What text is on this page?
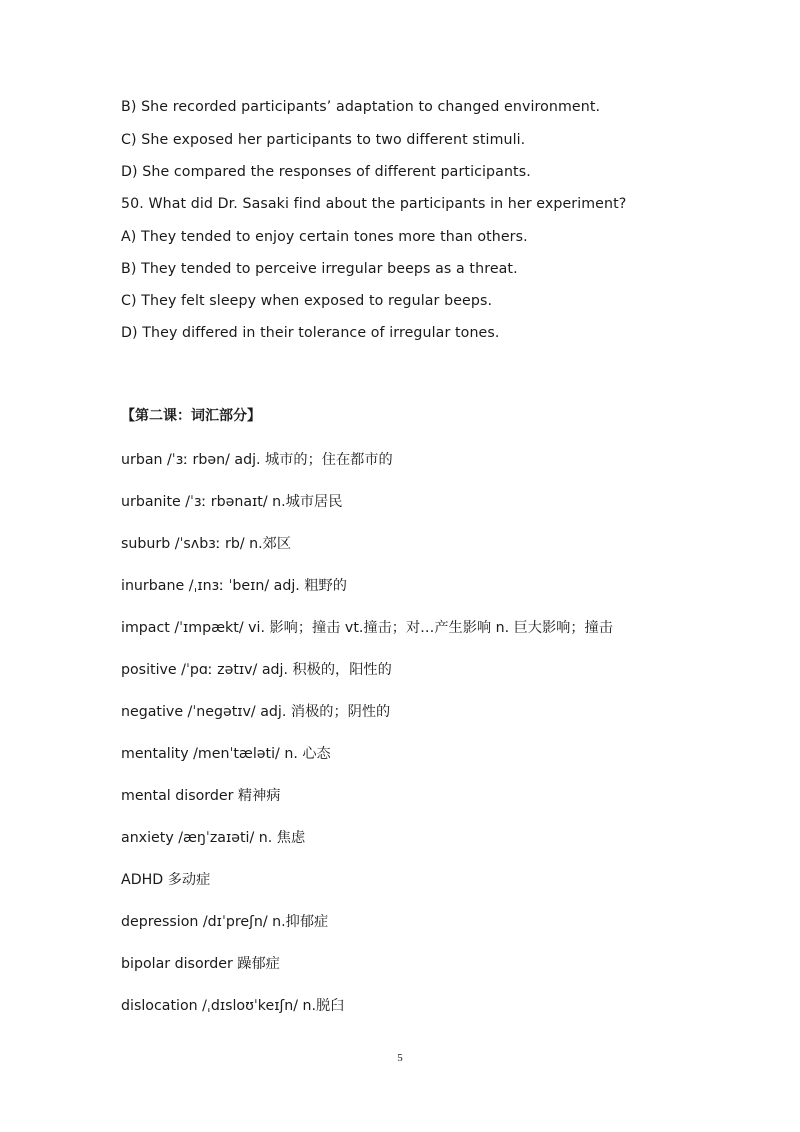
B) She recorded participants’ adaptation to changed environment.
C) She exposed her participants to two different stimuli.
D) She compared the responses of different participants.
50. What did Dr. Sasaki find about the participants in her experiment?
A) They tended to enjoy certain tones more than others.
B) They tended to perceive irregular beeps as a threat.
C) They felt sleepy when exposed to regular beeps.
D) They differed in their tolerance of irregular tones.
【第二课：词汇部分】
urban /ˈɜː rbən/ adj. 城市的；住在都市的
urbanite /ˈɜː rbənaɪt/ n.城市居民
suburb /ˈsʌbɜː rb/ n.郊区
inurbane /ˌɪnɜː ˈbeɪn/ adj. 粗野的
impact /ˈɪmpækt/ vi. 影响；撞击 vt.撞击；对…产生影响 n. 巨大影响；撞击
positive /ˈpɑː zətɪv/ adj. 积极的，阳性的
negative /ˈnegətɪv/ adj. 消极的；阴性的
mentality /menˈtæləti/ n. 心态
mental disorder 精神病
anxiety /æŋˈzaɪəti/ n. 焦虑
ADHD 多动症
depression /dɪˈpreʃn/ n.抑郁症
bipolar disorder 躁郁症
dislocation /ˌdɪsloʊˈkeɪʃn/ n.脱臼
5
